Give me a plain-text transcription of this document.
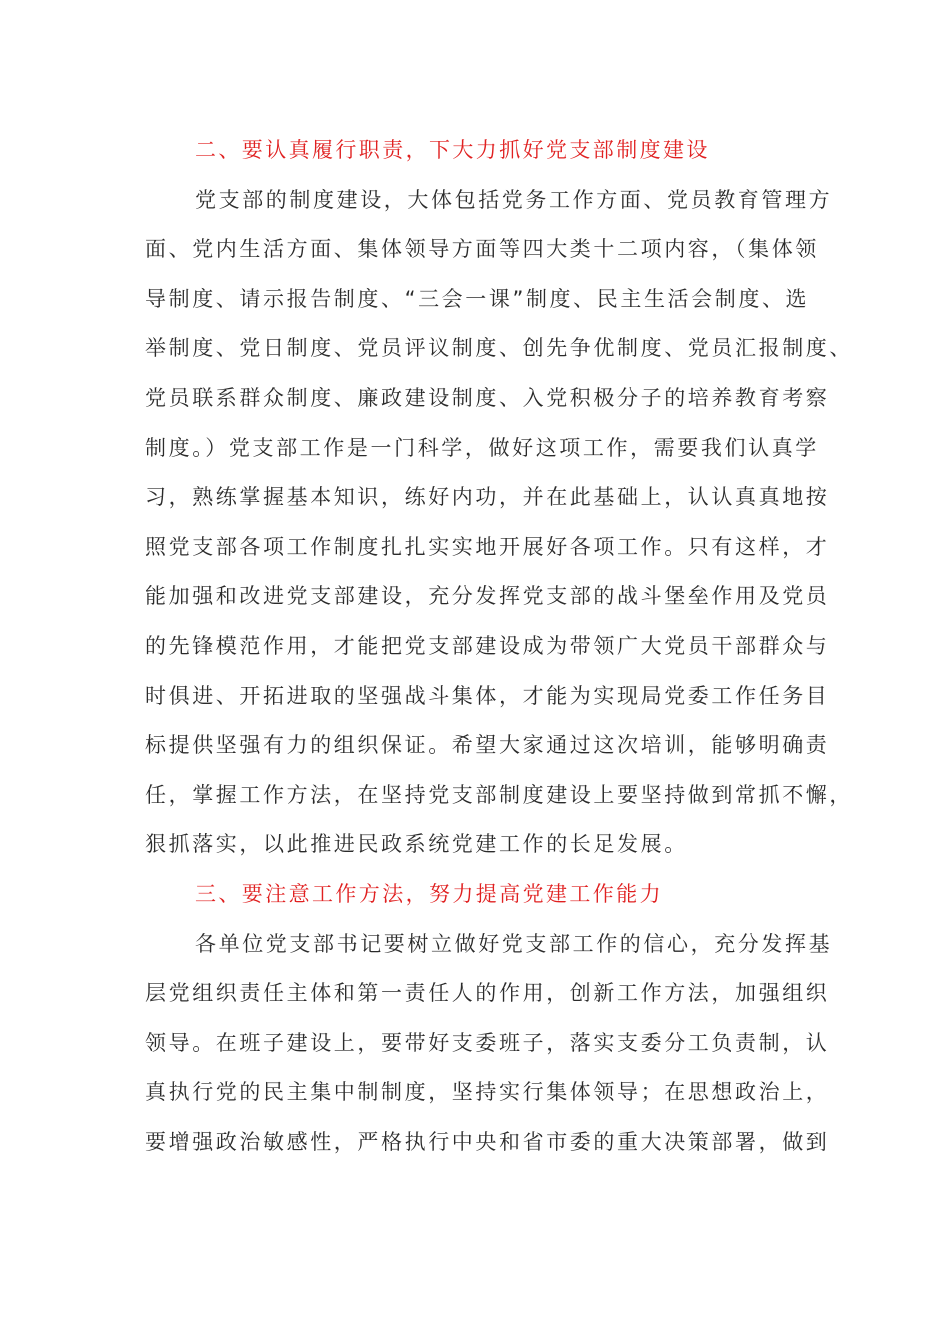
二、要认真履行职责，下大力抓好党支部制度建设
党支部的制度建设，大体包括党务工作方面、党员教育管理方
面、党内生活方面、集体领导方面等四大类十二项内容，（集体领
导制度、请示报告制度、“三会一课”制度、民主生活会制度、选
举制度、党日制度、党员评议制度、创先争优制度、党员汇报制度、
党员联系群众制度、廉政建设制度、入党积极分子的培养教育考察
制度。）党支部工作是一门科学，做好这项工作，需要我们认真学
习，熟练掌握基本知识，练好内功，并在此基础上，认认真真地按
照党支部各项工作制度扎扎实实地开展好各项工作。只有这样，才
能加强和改进党支部建设，充分发挥党支部的战斗堡垒作用及党员
的先锋模范作用，才能把党支部建设成为带领广大党员干部群众与
时俱进、开拓进取的坚强战斗集体，才能为实现局党委工作任务目
标提供坚强有力的组织保证。希望大家通过这次培训，能够明确责
任，掌握工作方法，在坚持党支部制度建设上要坚持做到常抓不懈，
狠抓落实，以此推进民政系统党建工作的长足发展。
三、要注意工作方法，努力提高党建工作能力
各单位党支部书记要树立做好党支部工作的信心，充分发挥基
层党组织责任主体和第一责任人的作用，创新工作方法，加强组织
领导。在班子建设上，要带好支委班子，落实支委分工负责制，认
真执行党的民主集中制制度，坚持实行集体领导；在思想政治上，
要增强政治敏感性，严格执行中央和省市委的重大决策部署，做到
